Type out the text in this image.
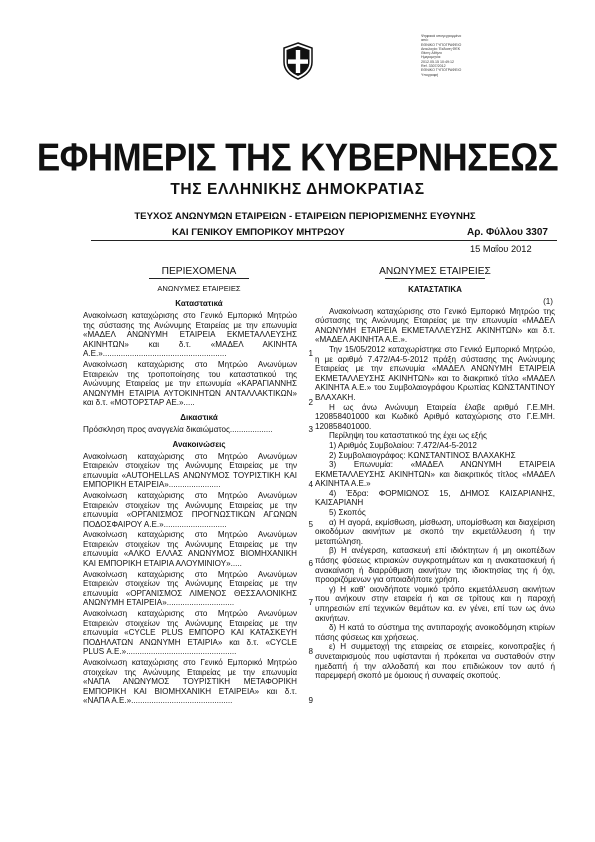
Ψηφιακά υπογεγραμμένο
από:
ΕΘΝΙΚΟ ΤΥΠΟΓΡΑΦΕΙΟ
Αιτιολογία: Έκδοση ΦΕΚ
Θέση: Αθήνα
Ημερομηνία:
2012.05.15 10:49:12
Ref. 3307/2012
ΕΘΝΙΚΟ ΤΥΠΟΓΡΑΦΕΙΟ
Υπογραφή
ΕΦΗΜΕΡΙΣ ΤΗΣ ΚΥΒΕΡΝΗΣΕΩΣ
ΤΗΣ ΕΛΛΗΝΙΚΗΣ ΔΗΜΟΚΡΑΤΙΑΣ
ΤΕΥΧΟΣ ΑΝΩΝΥΜΩΝ ΕΤΑΙΡΕΙΩΝ - ΕΤΑΙΡΕΙΩΝ ΠΕΡΙΟΡΙΣΜΕΝΗΣ ΕΥΘΥΝΗΣ
ΚΑΙ ΓΕΝΙΚΟΥ ΕΜΠΟΡΙΚΟΥ ΜΗΤΡΩΟΥ	Αρ. Φύλλου 3307
15 Μαΐου 2012
ΠΕΡΙΕΧΟΜΕΝΑ
ΑΝΩΝΥΜΕΣ ΕΤΑΙΡΕΙΕΣ
Καταστατικά
Ανακοίνωση καταχώρισης στο Γενικό Εμπορικό Μητρώο της σύστασης της Ανώνυμης Εταιρείας με την επωνυμία «ΜΑΔΕΛ ΑΝΩΝΥΜΗ ΕΤΑΙΡΕΙΑ ΕΚΜΕΤΑΛΛΕΥΣΗΣ ΑΚΙΝΗΤΩΝ» και δ.τ. «ΜΑΔΕΛ ΑΚΙΝΗΤΑ Α.Ε.».......................................................	1
Ανακοίνωση καταχώρισης στο Μητρώο Ανωνύμων Εταιρειών της τροποποίησης του καταστατικού της Ανώνυμης Εταιρείας με την επωνυμία «ΚΑΡΑΓΙΑΝΝΗΣ ΑΝΩΝΥΜΗ ΕΤΑΙΡΙΑ ΑΥΤΟΚΙΝΗΤΩΝ ΑΝΤΑΛΛΑΚΤΙΚΩΝ» και δ.τ. «ΜΟΤΟΡΣΤΑΡ ΑΕ.».....	2
Δικαστικά
Πρόσκληση προς αναγγελία δικαιώματος...................	3
Ανακοινώσεις
Ανακοίνωση καταχώρισης στο Μητρώο Ανωνύμων Εταιρειών στοιχείων της Ανώνυμης Εταιρείας με την επωνυμία «AUTOHELLAS ΑΝΩΝΥΜΟΣ ΤΟΥΡΙΣΤΙΚΗ ΚΑΙ ΕΜΠΟΡΙΚΗ ΕΤΑΙΡΕΙΑ».......................	4
Ανακοίνωση καταχώρισης στο Μητρώο Ανωνύμων Εταιρειών στοιχείων της Ανώνυμης Εταιρείας με την επωνυμία «ΟΡΓΑΝΙΣΜΟΣ ΠΡΟΓΝΩΣΤΙΚΩΝ ΑΓΩΝΩΝ ΠΟΔΟΣΦΑΙΡΟΥ Α.Ε.»............................	5
Ανακοίνωση καταχώρισης στο Μητρώο Ανωνύμων Εταιρειών στοιχείων της Ανώνυμης Εταιρείας με την επωνυμία «ΑΛΚΟ ΕΛΛΑΣ ΑΝΩΝΥΜΟΣ ΒΙΟΜΗΧΑΝΙΚΗ ΚΑΙ ΕΜΠΟΡΙΚΗ ΕΤΑΙΡΙΑ ΑΛΟΥΜΙΝΙΟΥ».....	6
Ανακοίνωση καταχώρισης στο Μητρώο Ανωνύμων Εταιρειών στοιχείων της Ανώνυμης Εταιρείας με την επωνυμία «ΟΡΓΑΝΙΣΜΟΣ ΛΙΜΕΝΟΣ ΘΕΣΣΑΛΟΝΙΚΗΣ ΑΝΩΝΥΜΗ ΕΤΑΙΡΕΙΑ»..............................	7
Ανακοίνωση καταχώρισης στο Μητρώο Ανωνύμων Εταιρειών στοιχείων της Ανώνυμης Εταιρείας με την επωνυμία «CYCLE PLUS ΕΜΠΟΡΟ ΚΑΙ ΚΑΤΑΣΚΕΥΗ ΠΟΔΗΛΑΤΩΝ ΑΝΩΝΥΜΗ ΕΤΑΙΡΙΑ» και δ.τ. «CYCLE PLUS Α.Ε.».................................................	8
Ανακοίνωση καταχώρισης στο Γενικό Εμπορικό Μητρώο στοιχείων της Ανώνυμης Εταιρείας με την επωνυμία «ΝΑΠΑ ΑΝΩΝΥΜΟΣ ΤΟΥΡΙΣΤΙΚΗ ΜΕΤΑΦΟΡΙΚΗ ΕΜΠΟΡΙΚΗ ΚΑΙ ΒΙΟΜΗΧΑΝΙΚΗ ΕΤΑΙΡΕΙΑ» και δ.τ. «ΝΑΠΑ Α.Ε.».............................................	9
ΑΝΩΝΥΜΕΣ ΕΤΑΙΡΕΙΕΣ
ΚΑΤΑΣΤΑΤΙΚΑ
(1)

Ανακοίνωση καταχώρισης στο Γενικό Εμπορικό Μητρώο της σύστασης της Ανώνυμης Εταιρείας με την επωνυμία «ΜΑΔΕΛ ΑΝΩΝΥΜΗ ΕΤΑΙΡΕΙΑ ΕΚΜΕΤΑΛΛΕΥΣΗΣ ΑΚΙΝΗΤΩΝ» και δ.τ. «ΜΑΔΕΛ ΑΚΙΝΗΤΑ Α.Ε.».

Την 15/05/2012 καταχωρίστηκε στο Γενικό Εμπορικό Μητρώο, η με αριθμό 7.472/Α4-5-2012 πράξη σύστασης της Ανώνυμης Εταιρείας με την επωνυμία «ΜΑΔΕΛ ΑΝΩΝΥΜΗ ΕΤΑΙΡΕΙΑ ΕΚΜΕΤΑΛΛΕΥΣΗΣ ΑΚΙΝΗΤΩΝ» και το διακριτικό τίτλο «ΜΑΔΕΛ ΑΚΙΝΗΤΑ Α.Ε.» του Συμβολαιογράφου Κρωπίας ΚΩΝΣΤΑΝΤΙΝΟΥ ΒΛΑΧΑΚΗ.

Η ως άνω Ανώνυμη Εταιρεία έλαβε αριθμό Γ.Ε.ΜΗ. 120858401000 και Κωδικό Αριθμό καταχώρισης στο Γ.Ε.ΜΗ. 120858401000.

Περίληψη του καταστατικού της έχει ως εξής

1) Αριθμός Συμβολαίου: 7.472/Α4-5-2012

2) Συμβολαιογράφος: ΚΩΝΣΤΑΝΤΙΝΟΣ ΒΛΑΧΑΚΗΣ

3) Επωνυμία: «ΜΑΔΕΛ ΑΝΩΝΥΜΗ ΕΤΑΙΡΕΙΑ ΕΚΜΕΤΑΛΛΕΥΣΗΣ ΑΚΙΝΗΤΩΝ» και διακριτικός τίτλος «ΜΑΔΕΛ ΑΚΙΝΗΤΑ Α.Ε.»

4) Έδρα: ΦΟΡΜΙΩΝΟΣ 15, ΔΗΜΟΣ ΚΑΙΣΑΡΙΑΝΗΣ, ΚΑΙΣΑΡΙΑΝΗ

5) Σκοπός

α) Η αγορά, εκμίσθωση, μίσθωση, υπομίσθωση και διαχείριση οικοδόμων ακινήτων με σκοπό την εκμετάλλευση ή την μεταπώληση.

β) Η ανέγερση, κατασκευή επί ιδιόκτητων ή μη οικοπέδων πάσης φύσεως κτιριακών συγκροτημάτων και η ανακατασκευή ή ανακαίνιση ή διαρρύθμιση ακινήτων της ιδιοκτησίας της ή όχι, προοριζόμενων για οποιαδήποτε χρήση.

γ) Η καθ' οιονδήποτε νομικό τρόπο εκμετάλλευση ακινήτων που ανήκουν στην εταιρεία ή και σε τρίτους και η παροχή υπηρεσιών επί τεχνικών θεμάτων κα. εν γένει, επί των ως άνω ακινήτων.

δ) Η κατά το σύστημα της αντιπαροχής ανοικοδόμηση κτιρίων πάσης φύσεως και χρήσεως.

ε) Η συμμετοχή της εταιρείας σε εταιρείες, κοινοπραξίες ή συνεταιρισμούς που υφίστανται ή πρόκειται να συσταθούν στην ημεδαπή ή την αλλοδαπή και που επιδιώκουν τον αυτό ή παρεμφερή σκοπό με όμοιους ή συναφείς σκοπούς.
